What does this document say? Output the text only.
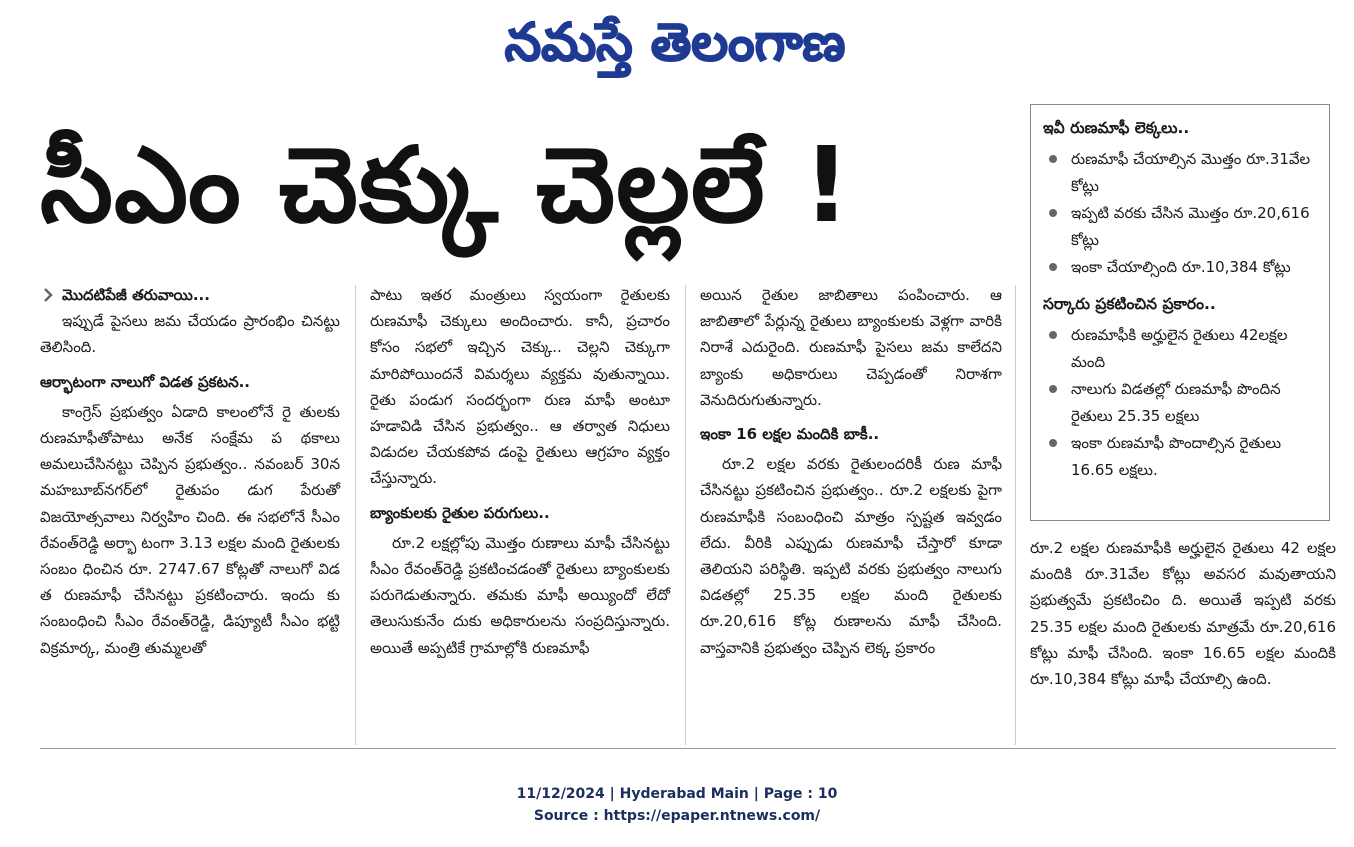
నమస్తే తెలంగాణ
సీఎం చెక్కు చెల్లలే !

మొదటిపేజీ తరువాయి...

ఇప్పుడే పైసలు జమ చేయడం ప్రారంభిం చినట్టు తెలిసింది.

ఆర్భాటంగా నాలుగో విడత ప్రకటన..

కాంగ్రెస్ ప్రభుత్వం ఏడాది కాలంలోనే రై తులకు రుణమాఫీతోపాటు అనేక సంక్షేమ ప థకాలు అమలుచేసినట్టు చెప్పిన ప్రభుత్వం.. నవంబర్ 30న మహబూబ్‌నగర్‌లో రైతుపం డుగ పేరుతో విజయోత్సవాలు నిర్వహిం చింది. ఈ సభలోనే సీఎం రేవంత్‌రెడ్డి అర్భా టంగా 3.13 లక్షల మంది రైతులకు సంబం ధించిన రూ. 2747.67 కోట్లతో నాలుగో విడ త రుణమాఫీ చేసినట్టు ప్రకటించారు. ఇందు కు సంబంధించి సీఎం రేవంత్‌రెడ్డి, డిప్యూటీ సీఎం భట్టి విక్రమార్క, మంత్రి తుమ్మలతో

పాటు ఇతర మంత్రులు స్వయంగా రైతులకు రుణమాఫీ చెక్కులు అందించారు. కానీ, ప్రచారం కోసం సభలో ఇచ్చిన చెక్కు.. చెల్లని చెక్కుగా మారిపోయిందనే విమర్శలు వ్యక్తమ వుతున్నాయి. రైతు పండుగ సందర్భంగా రుణ మాఫీ అంటూ హడావిడి చేసిన ప్రభుత్వం.. ఆ తర్వాత నిధులు విడుదల చేయకపోవ డంపై రైతులు ఆగ్రహం వ్యక్తం చేస్తున్నారు.

బ్యాంకులకు రైతుల పరుగులు..

రూ.2 లక్షల్లోపు మొత్తం రుణాలు మాఫీ చేసినట్టు సీఎం రేవంత్‌రెడ్డి ప్రకటించడంతో రైతులు బ్యాంకులకు పరుగెడుతున్నారు. తమకు మాఫీ అయ్యిందో లేదో తెలుసుకునేం దుకు అధికారులను సంప్రదిస్తున్నారు. అయితే అప్పటికే గ్రామాల్లోకి రుణమాఫీ

అయిన రైతుల జాబితాలు పంపించారు. ఆ జాబితాలో పేర్లున్న రైతులు బ్యాంకులకు వెళ్లగా వారికి నిరాశే ఎదురైంది. రుణమాఫీ పైసలు జమ కాలేదని బ్యాంకు అధికారులు చెప్పడంతో నిరాశగా వెనుదిరుగుతున్నారు.

ఇంకా 16 లక్షల మందికి బాకీ..

రూ.2 లక్షల వరకు రైతులందరికీ రుణ మాఫీ చేసినట్టు ప్రకటించిన ప్రభుత్వం.. రూ.2 లక్షలకు పైగా రుణమాఫీకి సంబంధించి మాత్రం స్పష్టత ఇవ్వడం లేదు. వీరికి ఎప్పుడు రుణమాఫీ చేస్తారో కూడా తెలియని పరిస్థితి. ఇప్పటి వరకు ప్రభుత్వం నాలుగు విడతల్లో 25.35 లక్షల మంది రైతులకు రూ.20,616 కోట్ల రుణాలను మాఫీ చేసింది. వాస్తవానికి ప్రభుత్వం చెప్పిన లెక్క ప్రకారం

ఇవీ రుణమాఫీ లెక్కలు..
రుణమాఫీ చేయాల్సిన మొత్తం రూ.31వేల కోట్లు
ఇప్పటి వరకు చేసిన మొత్తం రూ.20,616 కోట్లు
ఇంకా చేయాల్సింది రూ.10,384 కోట్లు
సర్కారు ప్రకటించిన ప్రకారం..
రుణమాఫీకి అర్హులైన రైతులు 42లక్షల మంది
నాలుగు విడతల్లో రుణమాఫీ పొందిన రైతులు 25.35 లక్షలు
ఇంకా రుణమాఫీ పొందాల్సిన రైతులు 16.65 లక్షలు.

రూ.2 లక్షల రుణమాఫీకి అర్హులైన రైతులు 42 లక్షల మందికి రూ.31వేల కోట్లు అవసర మవుతాయని ప్రభుత్వమే ప్రకటించిం ది. అయితే ఇప్పటి వరకు 25.35 లక్షల మంది రైతులకు మాత్రమే రూ.20,616 కోట్లు మాఫీ చేసింది. ఇంకా 16.65 లక్షల మందికి రూ.10,384 కోట్లు మాఫీ చేయాల్సి ఉంది.

11/12/2024 | Hyderabad Main | Page : 10
Source : https://epaper.ntnews.com/
